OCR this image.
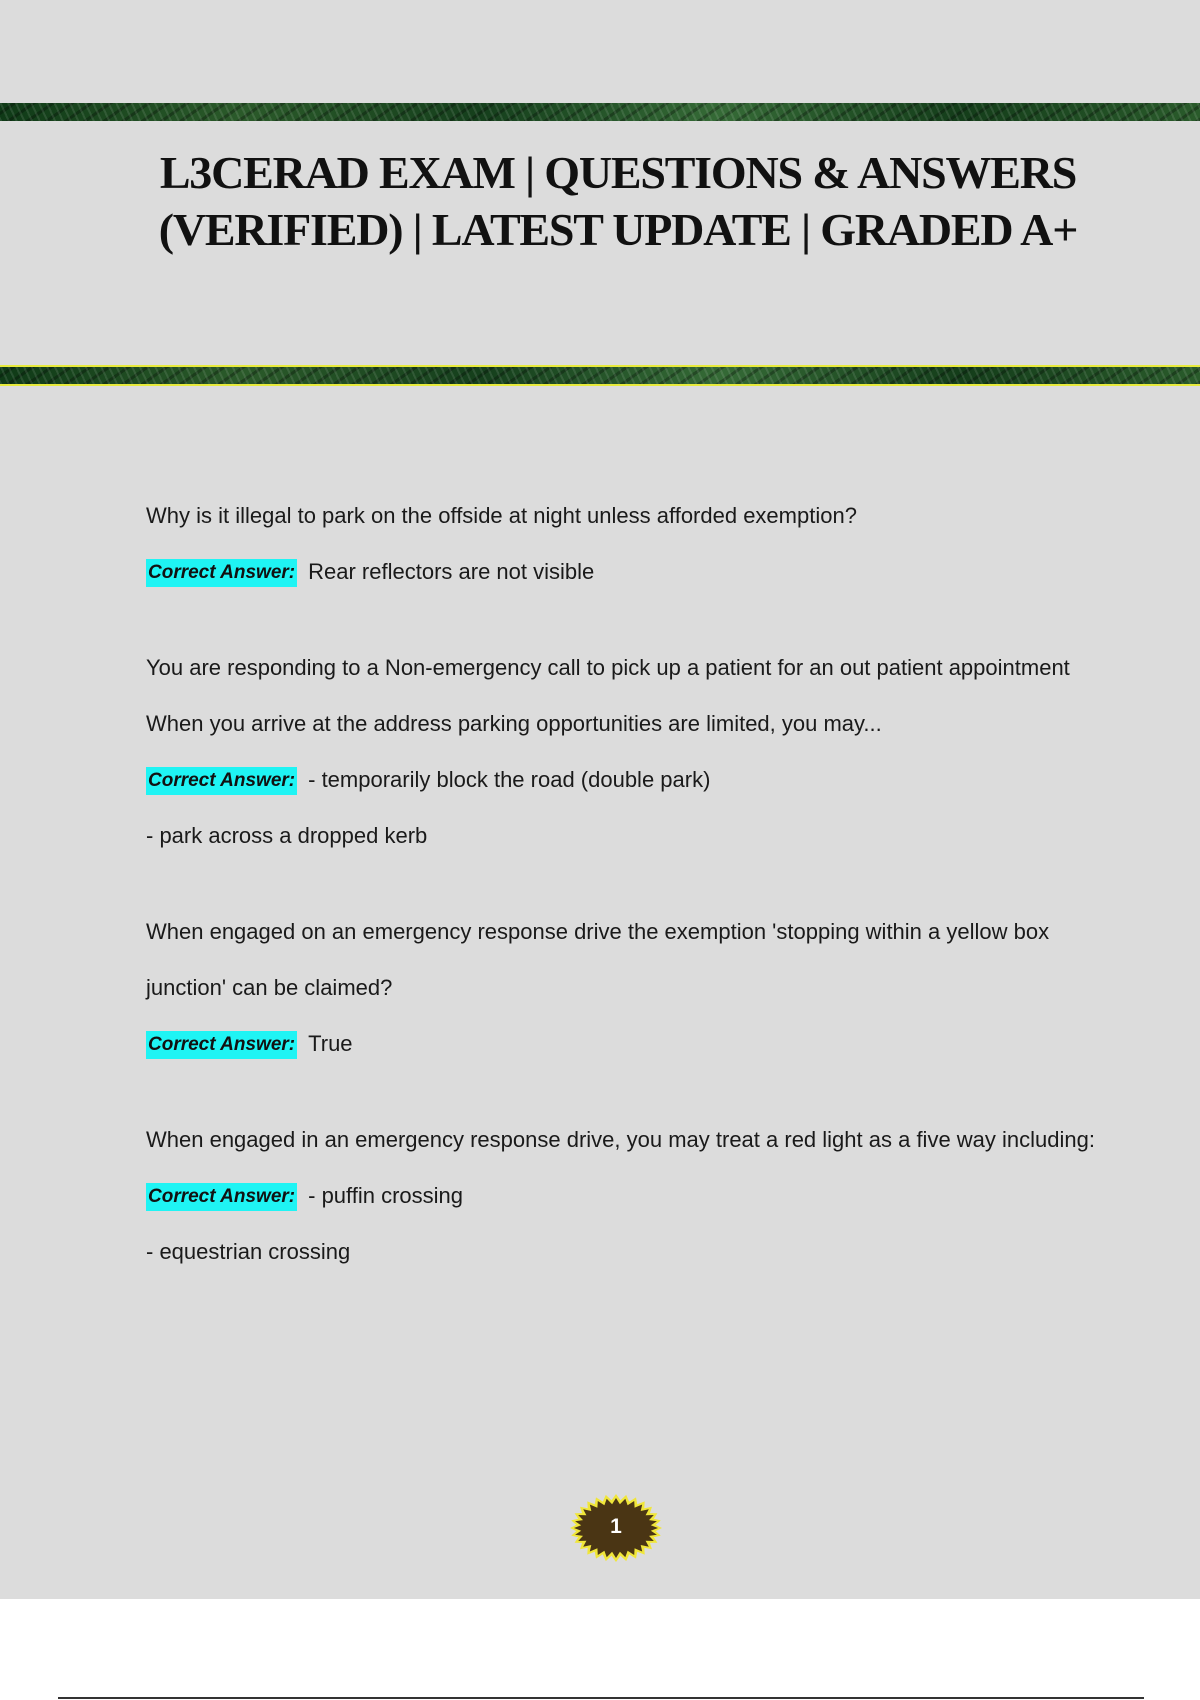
L3CERAD EXAM | QUESTIONS & ANSWERS (VERIFIED) | LATEST UPDATE | GRADED A+

Why is it illegal to park on the offside at night unless afforded exemption?

Correct Answer: Rear reflectors are not visible

You are responding to a Non-emergency call to pick up a patient for an out patient appointment When you arrive at the address parking opportunities are limited, you may...

Correct Answer: - temporarily block the road (double park)

- park across a dropped kerb

When engaged on an emergency response drive the exemption 'stopping within a yellow box junction' can be claimed?

Correct Answer: True

When engaged in an emergency response drive, you may treat a red light as a five way including:

Correct Answer: - puffin crossing

- equestrian crossing

1
